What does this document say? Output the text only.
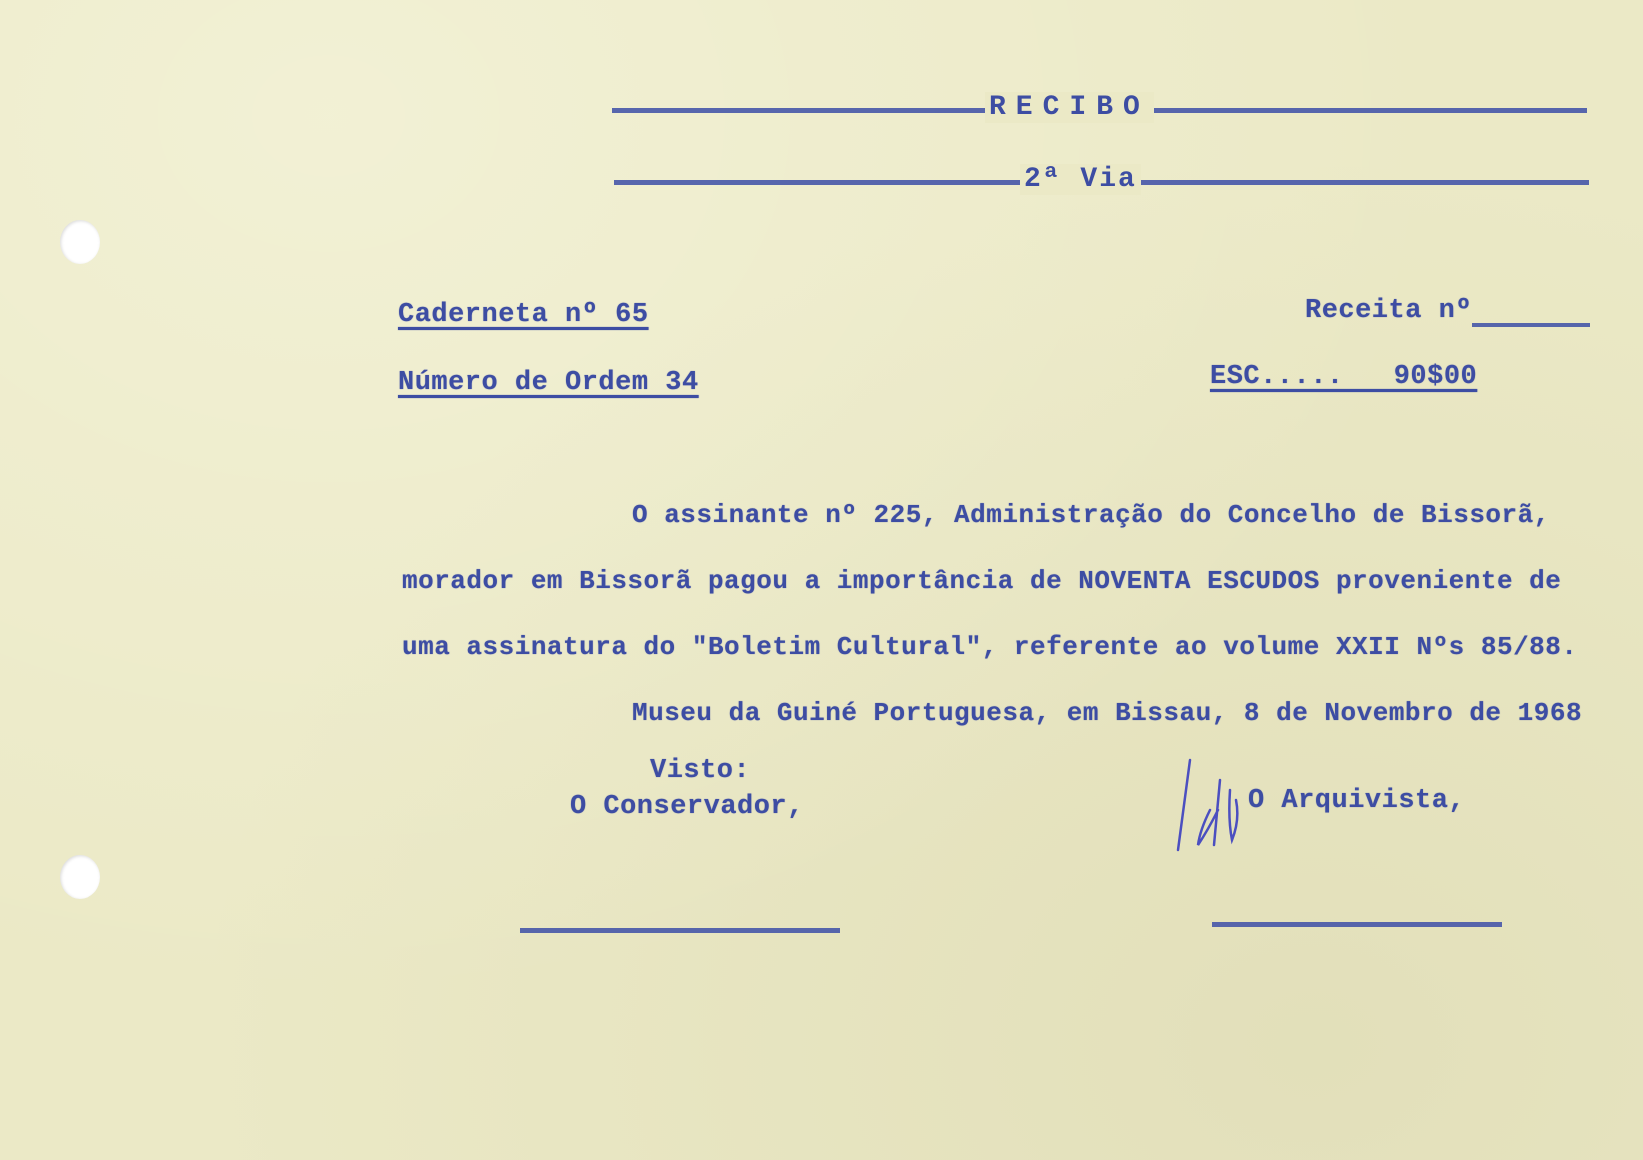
RECIBO
2ª Via
Caderneta nº 65
Número de Ordem 34
Receita nº
ESC.....   90$00
O assinante nº 225, Administração do Concelho de Bissorã,
morador em Bissorã pagou a importância de NOVENTA ESCUDOS proveniente de
uma assinatura do "Boletim Cultural", referente ao volume XXII Nºs 85/88.
Museu da Guiné Portuguesa, em Bissau, 8 de Novembro de 1968
Visto:
O Conservador,	O Arquivista,
